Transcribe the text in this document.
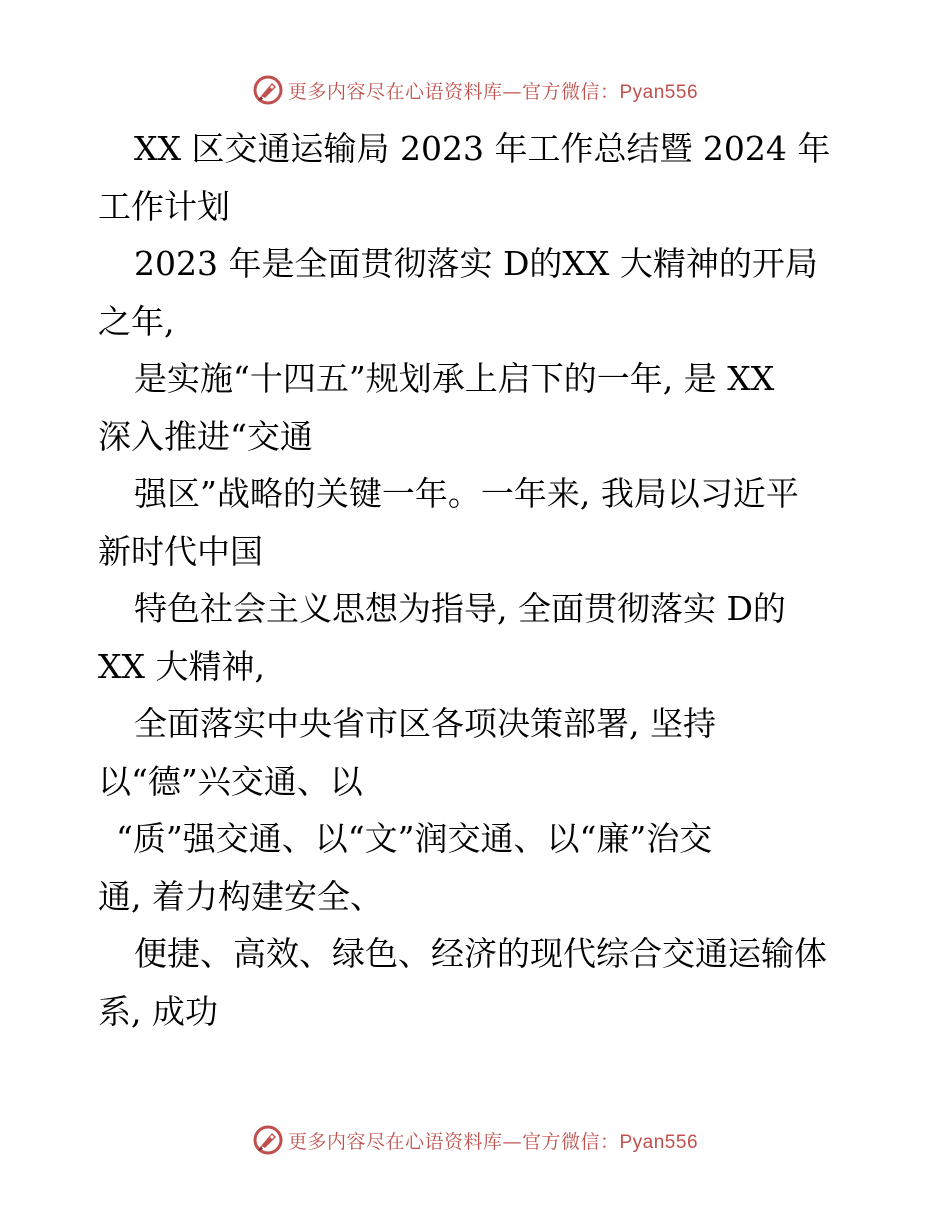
更多内容尽在心语资料库—官方微信：Pyan556
XX 区交通运输局 2023 年工作总结暨 2024 年
工作计划
2023 年是全面贯彻落实 D的XX 大精神的开局
之年,
是实施“十四五”规划承上启下的一年, 是 XX
深入推进“交通
强区”战略的关键一年。一年来, 我局以习近平
新时代中国
特色社会主义思想为指导, 全面贯彻落实 D的
XX 大精神,
全面落实中央省市区各项决策部署, 坚持
以“德”兴交通、以
“质”强交通、以“文”润交通、以“廉”治交
通, 着力构建安全、
便捷、高效、绿色、经济的现代综合交通运输体
系, 成功
更多内容尽在心语资料库—官方微信：Pyan556
